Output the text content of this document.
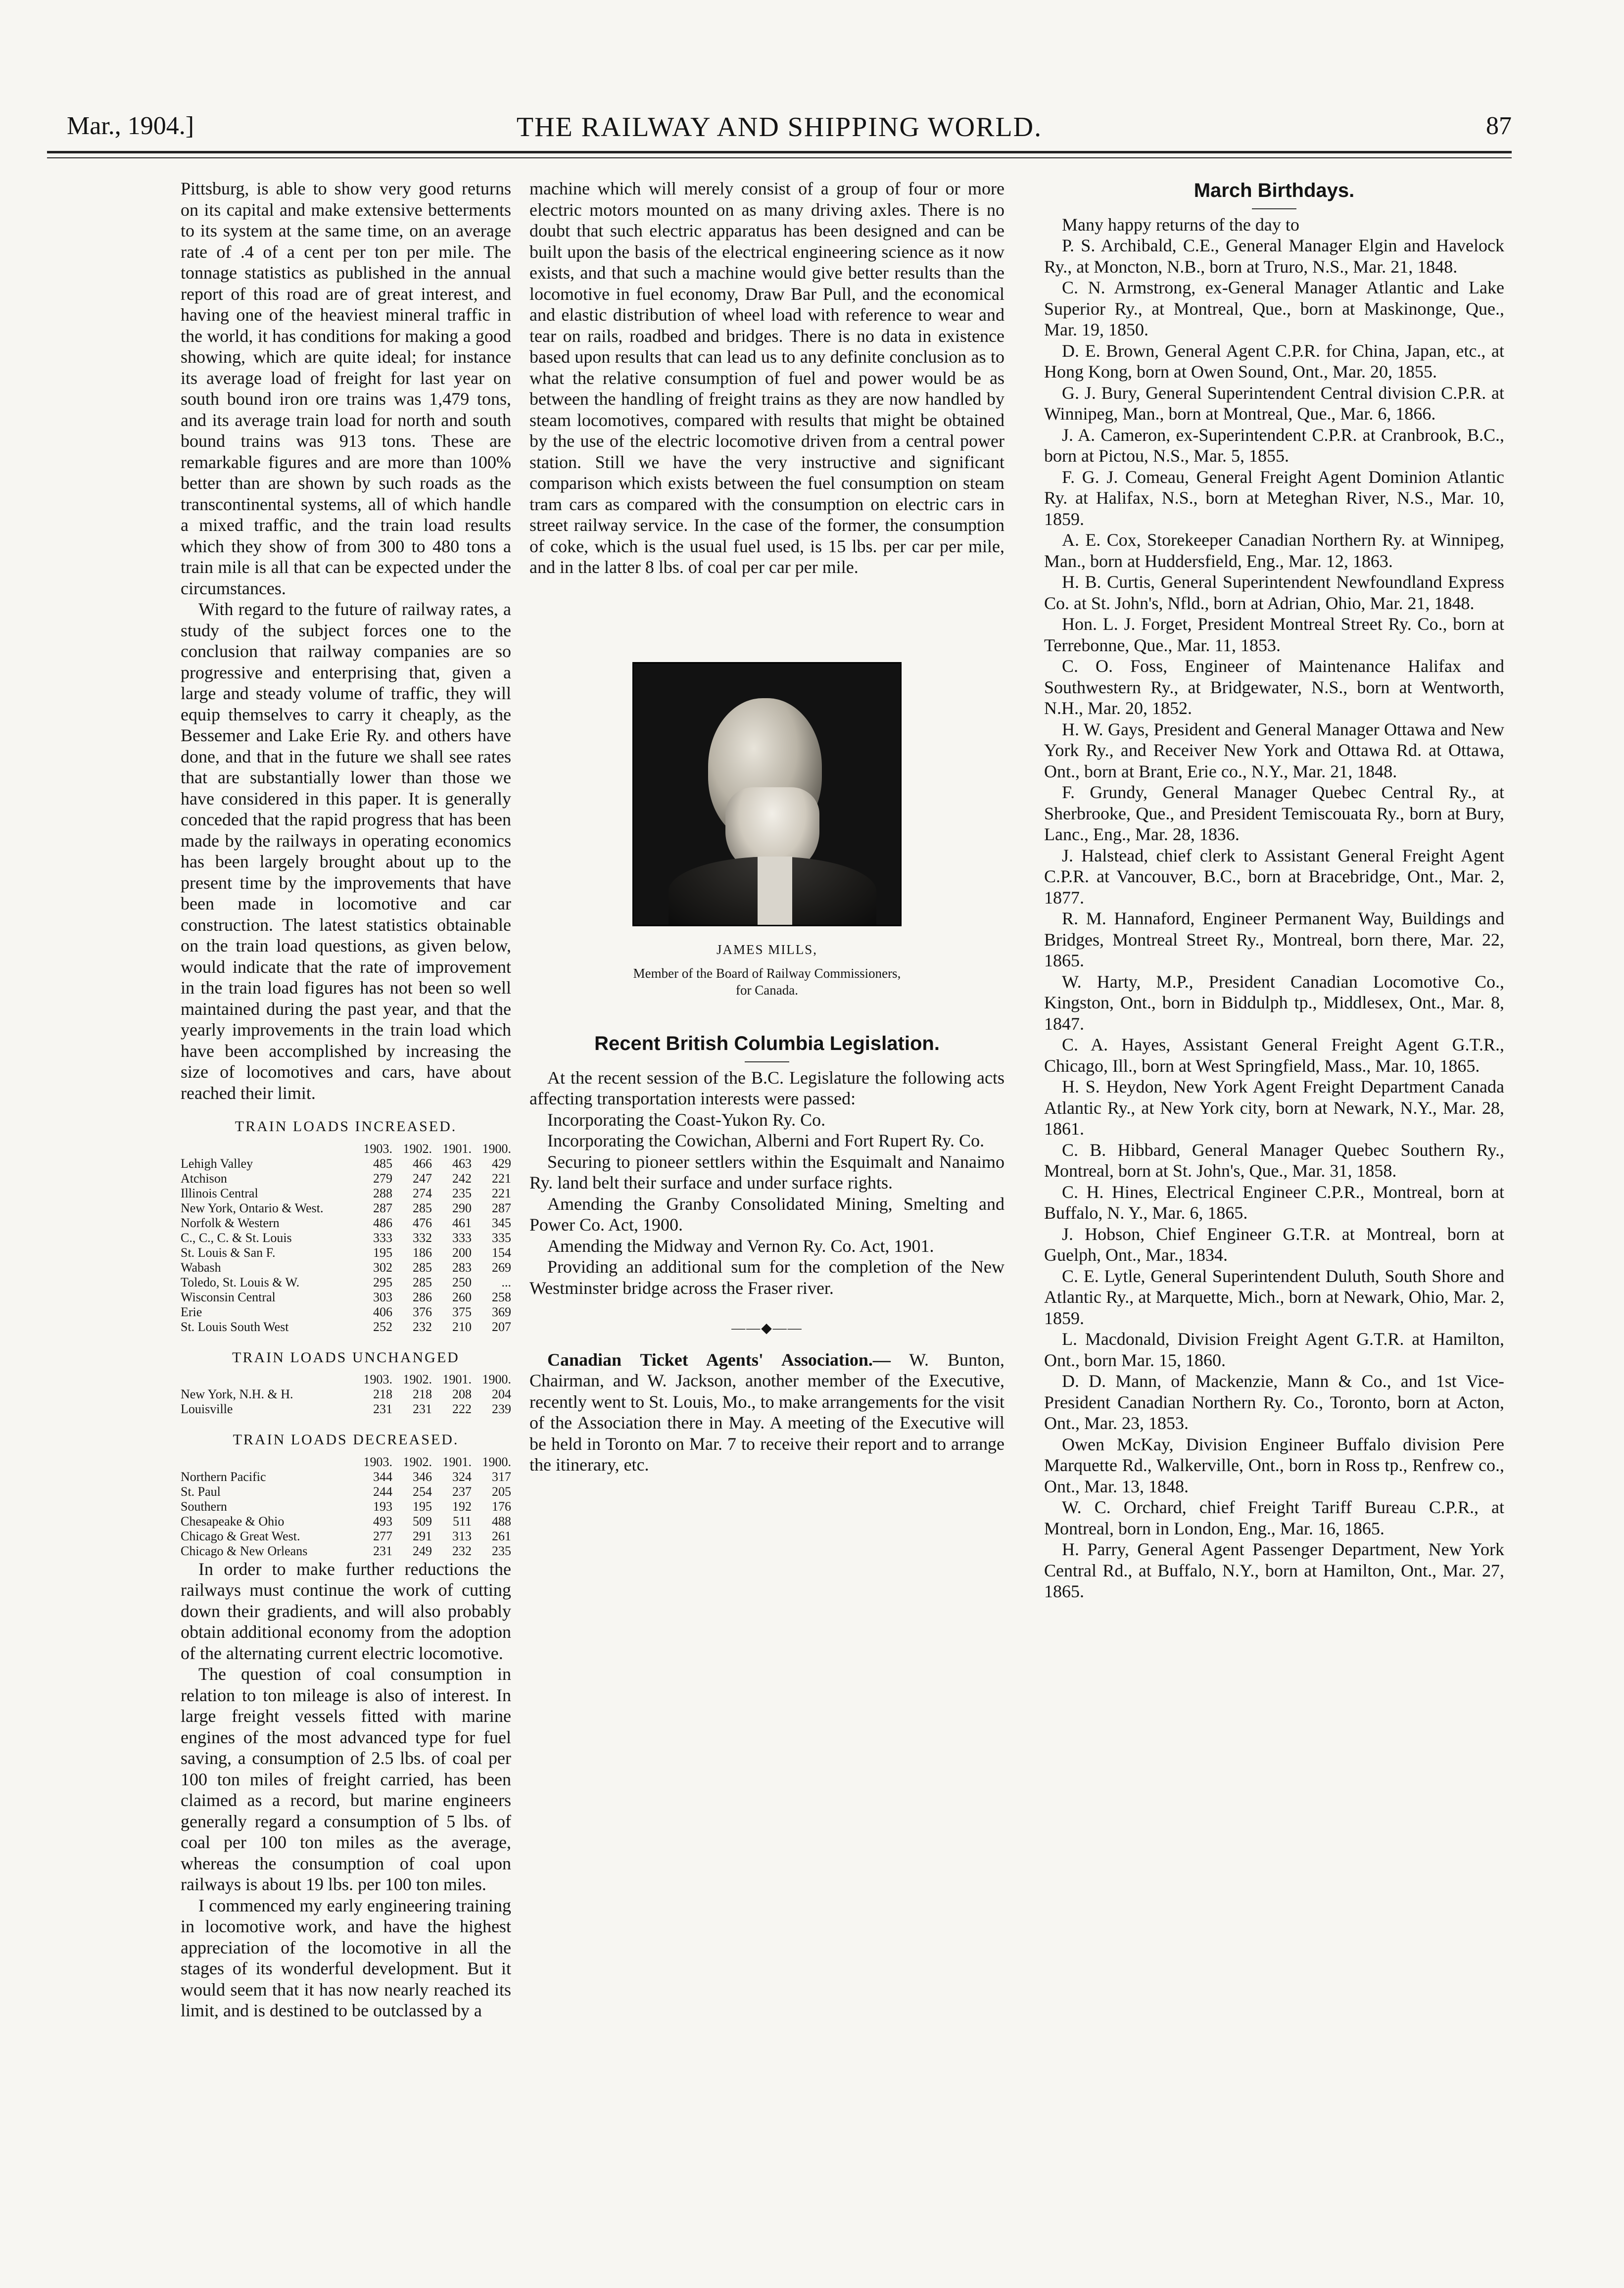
Mar., 1904.]	THE RAILWAY AND SHIPPING WORLD.	87

Pittsburg, is able to show very good returns on its capital and make extensive betterments to its system at the same time, on an average rate of .4 of a cent per ton per mile. The tonnage statistics as published in the annual report of this road are of great interest, and having one of the heaviest mineral traffic in the world, it has conditions for making a good showing, which are quite ideal; for instance its average load of freight for last year on south bound iron ore trains was 1,479 tons, and its average train load for north and south bound trains was 913 tons. These are remarkable figures and are more than 100% better than are shown by such roads as the transcontinental systems, all of which handle a mixed traffic, and the train load results which they show of from 300 to 480 tons a train mile is all that can be expected under the circumstances.

With regard to the future of railway rates, a study of the subject forces one to the conclusion that railway companies are so progressive and enterprising that, given a large and steady volume of traffic, they will equip themselves to carry it cheaply, as the Bessemer and Lake Erie Ry. and others have done, and that in the future we shall see rates that are substantially lower than those we have considered in this paper. It is generally conceded that the rapid progress that has been made by the railways in operating economics has been largely brought about up to the present time by the improvements that have been made in locomotive and car construction. The latest statistics obtainable on the train load questions, as given below, would indicate that the rate of improvement in the train load figures has not been so well maintained during the past year, and that the yearly improvements in the train load which have been accomplished by increasing the size of locomotives and cars, have about reached their limit.

TRAIN LOADS INCREASED.
	1903.	1902.	1901.	1900.
Lehigh Valley	485	466	463	429
Atchison	279	247	242	221
Illinois Central	288	274	235	221
New York, Ontario & West.	287	285	290	287
Norfolk & Western	486	476	461	345
C., C., C. & St. Louis	333	332	333	335
St. Louis & San F.	195	186	200	154
Wabash	302	285	283	269
Toledo, St. Louis & W.	295	285	250	...
Wisconsin Central	303	286	260	258
Erie	406	376	375	369
St. Louis South West	252	232	210	207
TRAIN LOADS UNCHANGED
	1903.	1902.	1901.	1900.
New York, N.H. & H.	218	218	208	204
Louisville	231	231	222	239
TRAIN LOADS DECREASED.
	1903.	1902.	1901.	1900.
Northern Pacific	344	346	324	317
St. Paul	244	254	237	205
Southern	193	195	192	176
Chesapeake & Ohio	493	509	511	488
Chicago & Great West.	277	291	313	261
Chicago & New Orleans	231	249	232	235

In order to make further reductions the railways must continue the work of cutting down their gradients, and will also probably obtain additional economy from the adoption of the alternating current electric locomotive.

The question of coal consumption in relation to ton mileage is also of interest. In large freight vessels fitted with marine engines of the most advanced type for fuel saving, a consumption of 2.5 lbs. of coal per 100 ton miles of freight carried, has been claimed as a record, but marine engineers generally regard a consumption of 5 lbs. of coal per 100 ton miles as the average, whereas the consumption of coal upon railways is about 19 lbs. per 100 ton miles.

I commenced my early engineering training in locomotive work, and have the highest appreciation of the locomotive in all the stages of its wonderful development. But it would seem that it has now nearly reached its limit, and is destined to be outclassed by a

machine which will merely consist of a group of four or more electric motors mounted on as many driving axles. There is no doubt that such electric apparatus has been designed and can be built upon the basis of the electrical engineering science as it now exists, and that such a machine would give better results than the locomotive in fuel economy, Draw Bar Pull, and the economical and elastic distribution of wheel load with reference to wear and tear on rails, roadbed and bridges. There is no data in existence based upon results that can lead us to any definite conclusion as to what the relative consumption of fuel and power would be as between the handling of freight trains as they are now handled by steam locomotives, compared with results that might be obtained by the use of the electric locomotive driven from a central power station. Still we have the very instructive and significant comparison which exists between the fuel consumption on steam tram cars as compared with the consumption on electric cars in street railway service. In the case of the former, the consumption of coke, which is the usual fuel used, is 15 lbs. per car per mile, and in the latter 8 lbs. of coal per car per mile.

JAMES MILLS,
Member of the Board of Railway Commissioners,
for Canada.
Recent British Columbia Legislation.

At the recent session of the B.C. Legislature the following acts affecting transportation interests were passed:

Incorporating the Coast-Yukon Ry. Co.

Incorporating the Cowichan, Alberni and Fort Rupert Ry. Co.

Securing to pioneer settlers within the Esquimalt and Nanaimo Ry. land belt their surface and under surface rights.

Amending the Granby Consolidated Mining, Smelting and Power Co. Act, 1900.

Amending the Midway and Vernon Ry. Co. Act, 1901.

Providing an additional sum for the completion of the New Westminster bridge across the Fraser river.

——◆——

Canadian Ticket Agents' Association.— W. Bunton, Chairman, and W. Jackson, another member of the Executive, recently went to St. Louis, Mo., to make arrangements for the visit of the Association there in May. A meeting of the Executive will be held in Toronto on Mar. 7 to receive their report and to arrange the itinerary, etc.

March Birthdays.

Many happy returns of the day to

P. S. Archibald, C.E., General Manager Elgin and Havelock Ry., at Moncton, N.B., born at Truro, N.S., Mar. 21, 1848.

C. N. Armstrong, ex-General Manager Atlantic and Lake Superior Ry., at Montreal, Que., born at Maskinonge, Que., Mar. 19, 1850.

D. E. Brown, General Agent C.P.R. for China, Japan, etc., at Hong Kong, born at Owen Sound, Ont., Mar. 20, 1855.

G. J. Bury, General Superintendent Central division C.P.R. at Winnipeg, Man., born at Montreal, Que., Mar. 6, 1866.

J. A. Cameron, ex-Superintendent C.P.R. at Cranbrook, B.C., born at Pictou, N.S., Mar. 5, 1855.

F. G. J. Comeau, General Freight Agent Dominion Atlantic Ry. at Halifax, N.S., born at Meteghan River, N.S., Mar. 10, 1859.

A. E. Cox, Storekeeper Canadian Northern Ry. at Winnipeg, Man., born at Huddersfield, Eng., Mar. 12, 1863.

H. B. Curtis, General Superintendent Newfoundland Express Co. at St. John's, Nfld., born at Adrian, Ohio, Mar. 21, 1848.

Hon. L. J. Forget, President Montreal Street Ry. Co., born at Terrebonne, Que., Mar. 11, 1853.

C. O. Foss, Engineer of Maintenance Halifax and Southwestern Ry., at Bridgewater, N.S., born at Wentworth, N.H., Mar. 20, 1852.

H. W. Gays, President and General Manager Ottawa and New York Ry., and Receiver New York and Ottawa Rd. at Ottawa, Ont., born at Brant, Erie co., N.Y., Mar. 21, 1848.

F. Grundy, General Manager Quebec Central Ry., at Sherbrooke, Que., and President Temiscouata Ry., born at Bury, Lanc., Eng., Mar. 28, 1836.

J. Halstead, chief clerk to Assistant General Freight Agent C.P.R. at Vancouver, B.C., born at Bracebridge, Ont., Mar. 2, 1877.

R. M. Hannaford, Engineer Permanent Way, Buildings and Bridges, Montreal Street Ry., Montreal, born there, Mar. 22, 1865.

W. Harty, M.P., President Canadian Locomotive Co., Kingston, Ont., born in Biddulph tp., Middlesex, Ont., Mar. 8, 1847.

C. A. Hayes, Assistant General Freight Agent G.T.R., Chicago, Ill., born at West Springfield, Mass., Mar. 10, 1865.

H. S. Heydon, New York Agent Freight Department Canada Atlantic Ry., at New York city, born at Newark, N.Y., Mar. 28, 1861.

C. B. Hibbard, General Manager Quebec Southern Ry., Montreal, born at St. John's, Que., Mar. 31, 1858.

C. H. Hines, Electrical Engineer C.P.R., Montreal, born at Buffalo, N. Y., Mar. 6, 1865.

J. Hobson, Chief Engineer G.T.R. at Montreal, born at Guelph, Ont., Mar., 1834.

C. E. Lytle, General Superintendent Duluth, South Shore and Atlantic Ry., at Marquette, Mich., born at Newark, Ohio, Mar. 2, 1859.

L. Macdonald, Division Freight Agent G.T.R. at Hamilton, Ont., born Mar. 15, 1860.

D. D. Mann, of Mackenzie, Mann & Co., and 1st Vice-President Canadian Northern Ry. Co., Toronto, born at Acton, Ont., Mar. 23, 1853.

Owen McKay, Division Engineer Buffalo division Pere Marquette Rd., Walkerville, Ont., born in Ross tp., Renfrew co., Ont., Mar. 13, 1848.

W. C. Orchard, chief Freight Tariff Bureau C.P.R., at Montreal, born in London, Eng., Mar. 16, 1865.

H. Parry, General Agent Passenger Department, New York Central Rd., at Buffalo, N.Y., born at Hamilton, Ont., Mar. 27, 1865.
